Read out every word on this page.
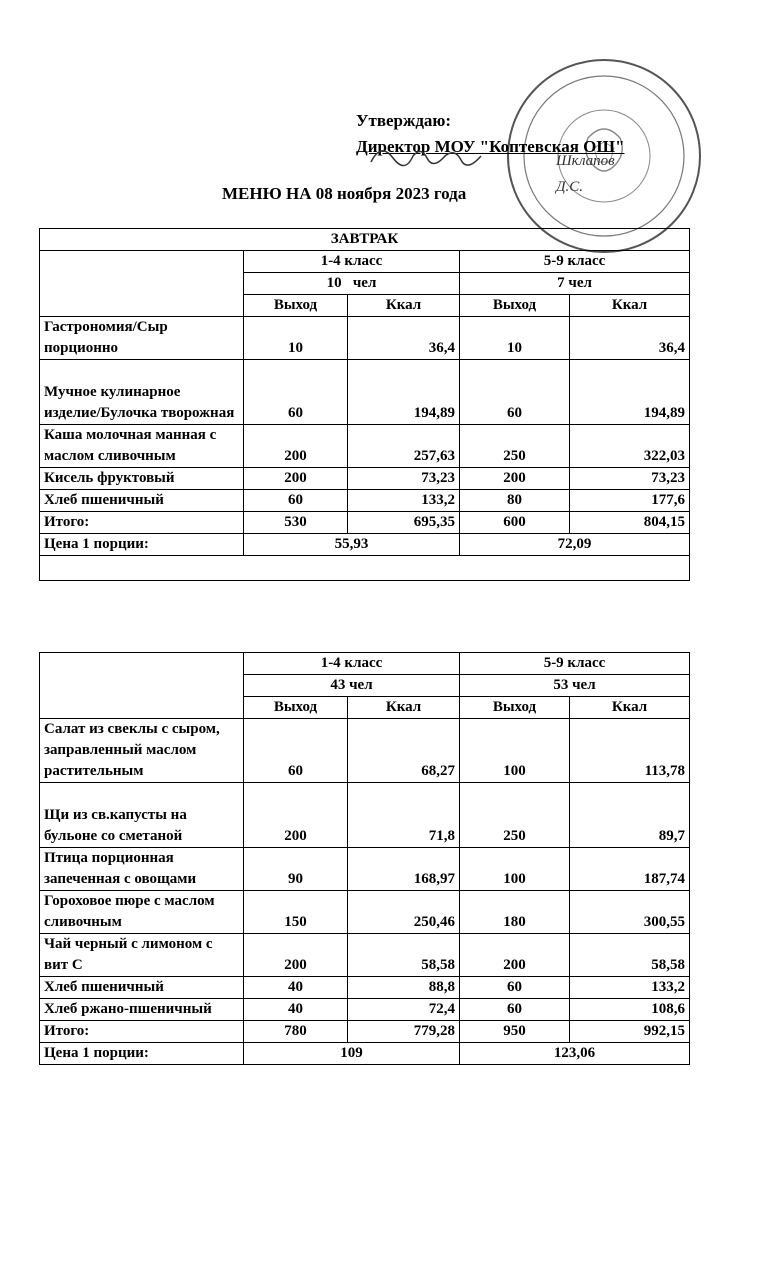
Утверждаю:
Директор МОУ "Коптевская ОШ"
Шклапов Д.С.
МЕНЮ НА 08 ноября 2023 года
ЗАВТРАК				
	1-4 класс		5-9 класс	
	10   чел		7 чел	
	Выход	Ккал	Выход	Ккал
Гастрономия/Сыр порционно	10	36,4	10	36,4
Мучное кулинарное изделие/Булочка творожная	60	194,89	60	194,89
Каша молочная манная с маслом сливочным	200	257,63	250	322,03
Кисель фруктовый	200	73,23	200	73,23
Хлеб пшеничный	60	133,2	80	177,6
Итого:	530	695,35	600	804,15
Цена 1 порции:	55,93		72,09	

	1-4 класс		5-9 класс	
	43 чел		53 чел	
	Выход	Ккал	Выход	Ккал
Салат из свеклы с сыром, заправленный маслом растительным	60	68,27	100	113,78
Щи из св.капусты на бульоне со сметаной	200	71,8	250	89,7
Птица порционная запеченная с овощами	90	168,97	100	187,74
Гороховое пюре с маслом сливочным	150	250,46	180	300,55
Чай черный с лимоном с вит С	200	58,58	200	58,58
Хлеб пшеничный	40	88,8	60	133,2
Хлеб ржано-пшеничный	40	72,4	60	108,6
Итого:	780	779,28	950	992,15
Цена 1 порции:	109		123,06	
